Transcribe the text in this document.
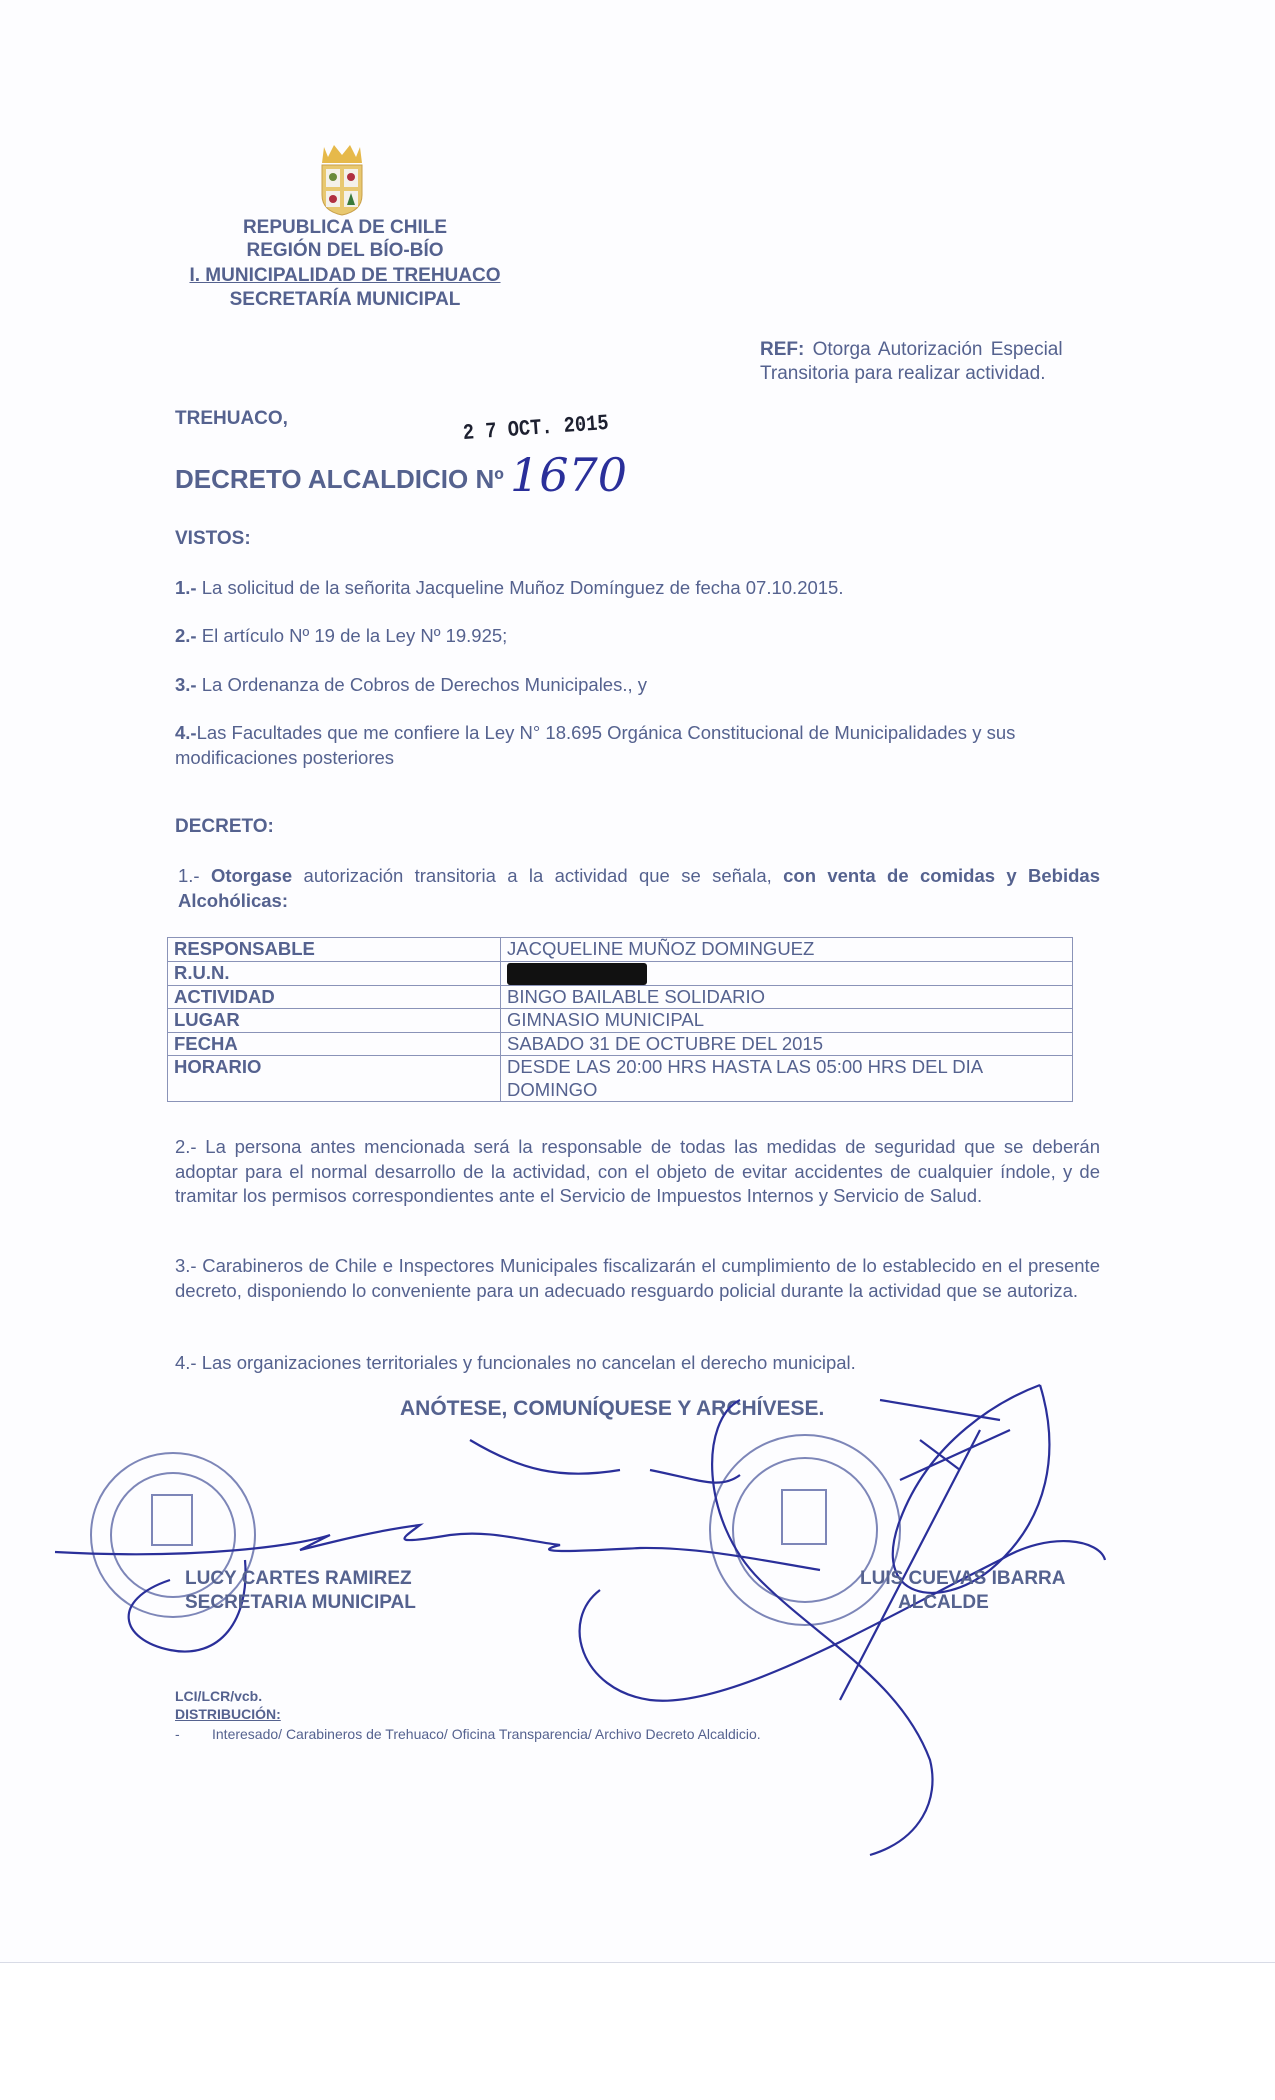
REPUBLICA DE CHILE
REGIÓN DEL BÍO-BÍO
I. MUNICIPALIDAD DE TREHUACO
SECRETARÍA MUNICIPAL
REF: Otorga Autorización Especial
Transitoria para realizar actividad.
TREHUACO,	2 7 OCT. 2015
DECRETO ALCALDICIO Nº 1670
VISTOS:
1.- La solicitud de la señorita Jacqueline Muñoz Domínguez de fecha 07.10.2015.
2.- El artículo Nº 19 de la Ley Nº 19.925;
3.- La Ordenanza de Cobros de Derechos Municipales., y
4.-Las Facultades que me confiere la Ley N° 18.695 Orgánica Constitucional de Municipalidades y sus modificaciones posteriores
DECRETO:
1.- Otorgase autorización transitoria a la actividad que se señala, con venta de comidas y Bebidas Alcohólicas:
RESPONSABLE	JACQUELINE MUÑOZ DOMINGUEZ
R.U.N.	
ACTIVIDAD	BINGO BAILABLE SOLIDARIO
LUGAR	GIMNASIO MUNICIPAL
FECHA	SABADO 31 DE OCTUBRE DEL 2015
HORARIO	DESDE LAS 20:00 HRS HASTA LAS 05:00 HRS DEL DIA DOMINGO
2.- La persona antes mencionada será la responsable de todas las medidas de seguridad que se deberán adoptar para el normal desarrollo de la actividad, con el objeto de evitar accidentes de cualquier índole, y de tramitar los permisos correspondientes ante el Servicio de Impuestos Internos y Servicio de Salud.
3.- Carabineros de Chile e Inspectores Municipales fiscalizarán el cumplimiento de lo establecido en el presente decreto, disponiendo lo conveniente para un adecuado resguardo policial durante la actividad que se autoriza.
4.- Las organizaciones territoriales y funcionales no cancelan el derecho municipal.
ANÓTESE, COMUNÍQUESE Y ARCHÍVESE.
LUCY CARTES RAMIREZ
SECRETARIA MUNICIPAL
LUIS CUEVAS IBARRA
ALCALDE
LCI/LCR/vcb.
DISTRIBUCIÓN:
- Interesado/ Carabineros de Trehuaco/ Oficina Transparencia/ Archivo Decreto Alcaldicio.
